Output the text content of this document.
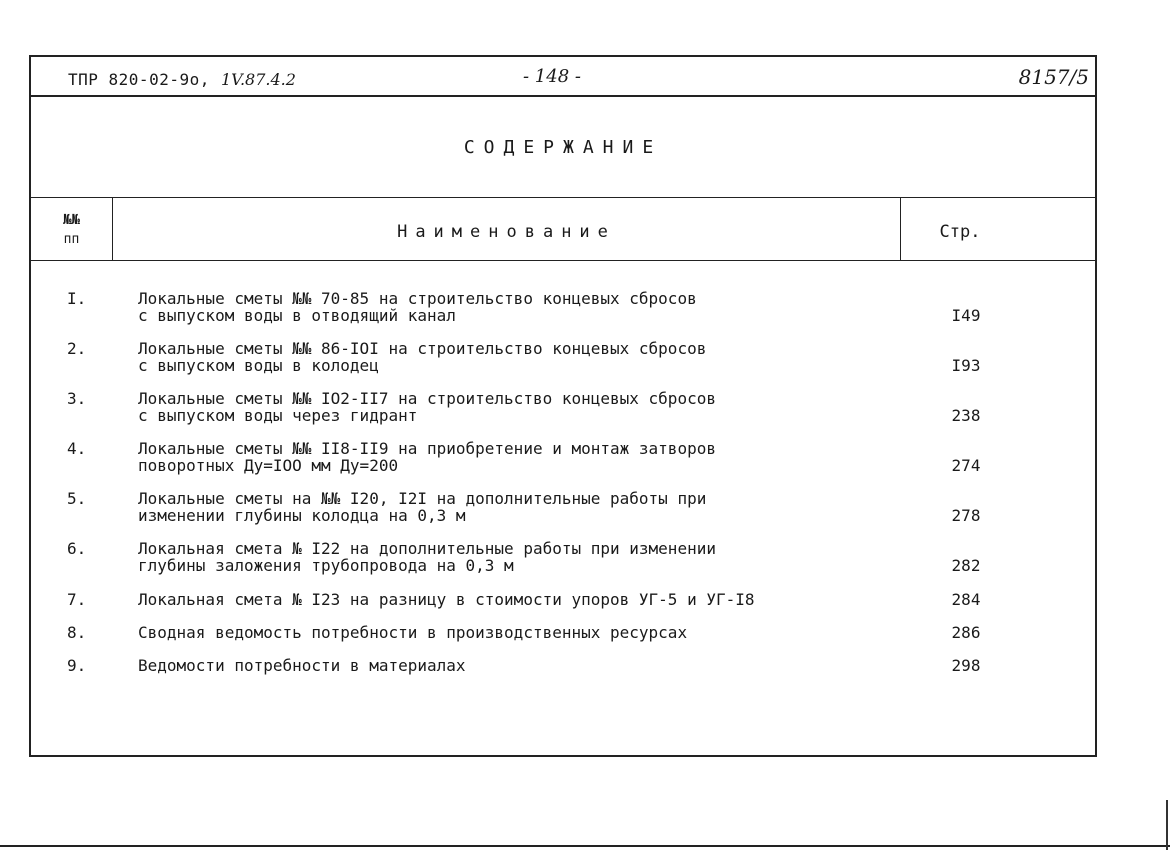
ТПР 820-02-9о, 1V.87.4.2	- 148 -	8157/5
СОДЕРЖАНИЕ
№№
пп	Наименование	Стр.
I.	Локальные сметы №№ 70-85 на строительство концевых сбросов
с выпуском воды в отводящий канал	I49
2.	Локальные сметы №№ 86-IOI на строительство концевых сбросов
с выпуском воды в колодец	I93
3.	Локальные сметы №№ IO2-II7 на строительство концевых сбросов
с выпуском воды через гидрант	238
4.	Локальные сметы №№ II8-II9 на приобретение и монтаж затворов
поворотных Ду=IOO мм Ду=200	274
5.	Локальные сметы на №№ I20, I2I на дополнительные работы при
изменении глубины колодца на 0,3 м	278
6.	Локальная смета № I22 на дополнительные работы при изменении
глубины заложения трубопровода на 0,3 м	282
7.	Локальная смета № I23 на разницу в стоимости упоров УГ-5 и УГ-I8	284
8.	Сводная ведомость потребности в производственных ресурсах	286
9.	Ведомости потребности в материалах	298
